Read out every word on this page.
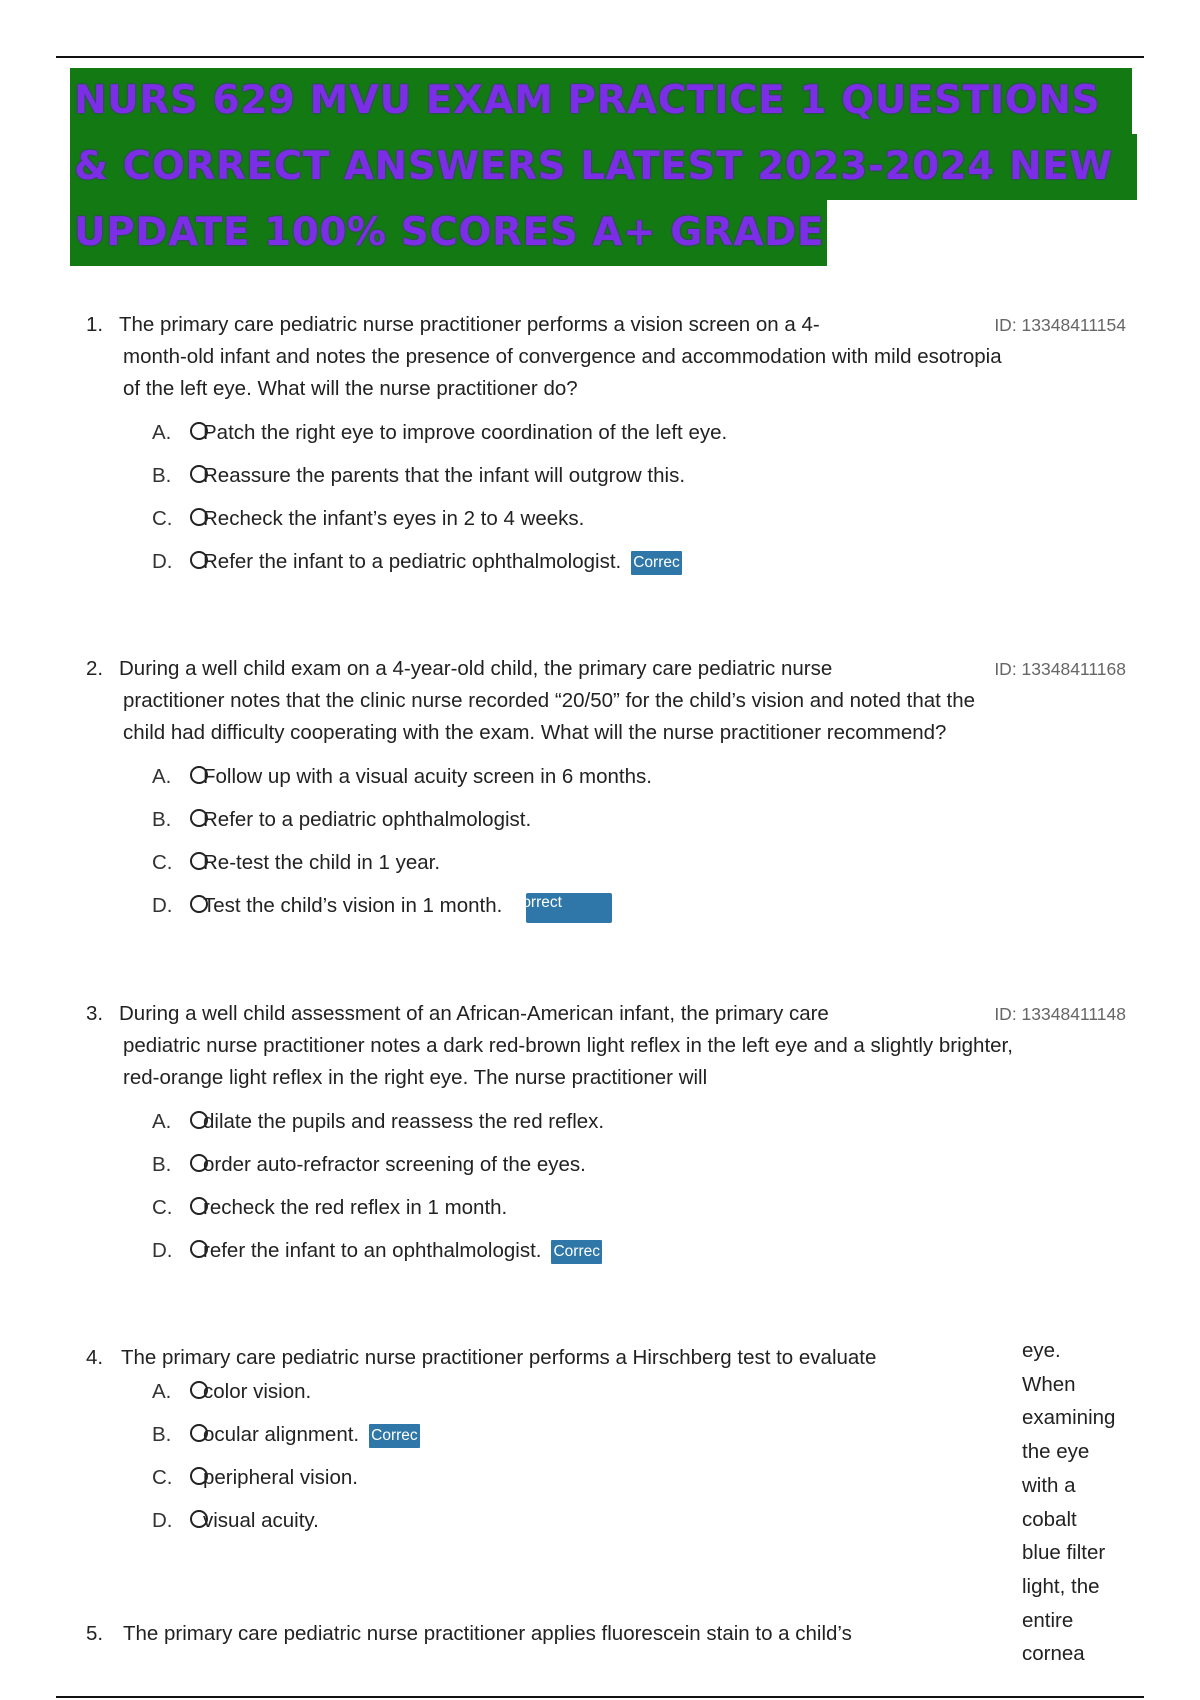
NURS 629 MVU EXAM PRACTICE 1 QUESTIONS
& CORRECT ANSWERS LATEST 2023-2024 NEW
UPDATE 100% SCORES A+ GRADE
1.	ID: 13348411154
The primary care pediatric nurse practitioner performs a vision screen on a 4-
month-old infant and notes the presence of convergence and accommodation with mild esotropia
of the left eye. What will the nurse practitioner do?
A. Patch the right eye to improve coordination of the left eye.
B. Reassure the parents that the infant will outgrow this.
C. Recheck the infant’s eyes in 2 to 4 weeks.
D. Refer the infant to a pediatric ophthalmologist. Correc
2.	ID: 13348411168
During a well child exam on a 4-year-old child, the primary care pediatric nurse
practitioner notes that the clinic nurse recorded “20/50” for the child’s vision and noted that the
child had difficulty cooperating with the exam. What will the nurse practitioner recommend?
A. Follow up with a visual acuity screen in 6 months.
B. Refer to a pediatric ophthalmologist.
C. Re-test the child in 1 year.
D. Test the child’s vision in 1 month. orrect
3.	ID: 13348411148
During a well child assessment of an African-American infant, the primary care
pediatric nurse practitioner notes a dark red-brown light reflex in the left eye and a slightly brighter,
red-orange light reflex in the right eye. The nurse practitioner will
A. dilate the pupils and reassess the red reflex.
B. order auto-refractor screening of the eyes.
C. recheck the red reflex in 1 month.
D. refer the infant to an ophthalmologist. Correc
4. The primary care pediatric nurse practitioner performs a Hirschberg test to evaluate
A. color vision.
B. ocular alignment. Correc
C. peripheral vision.
D. visual acuity.
5. The primary care pediatric nurse practitioner applies fluorescein stain to a child’s
eye.
When
examining
the eye
with a
cobalt
blue filter
light, the
entire
cornea
